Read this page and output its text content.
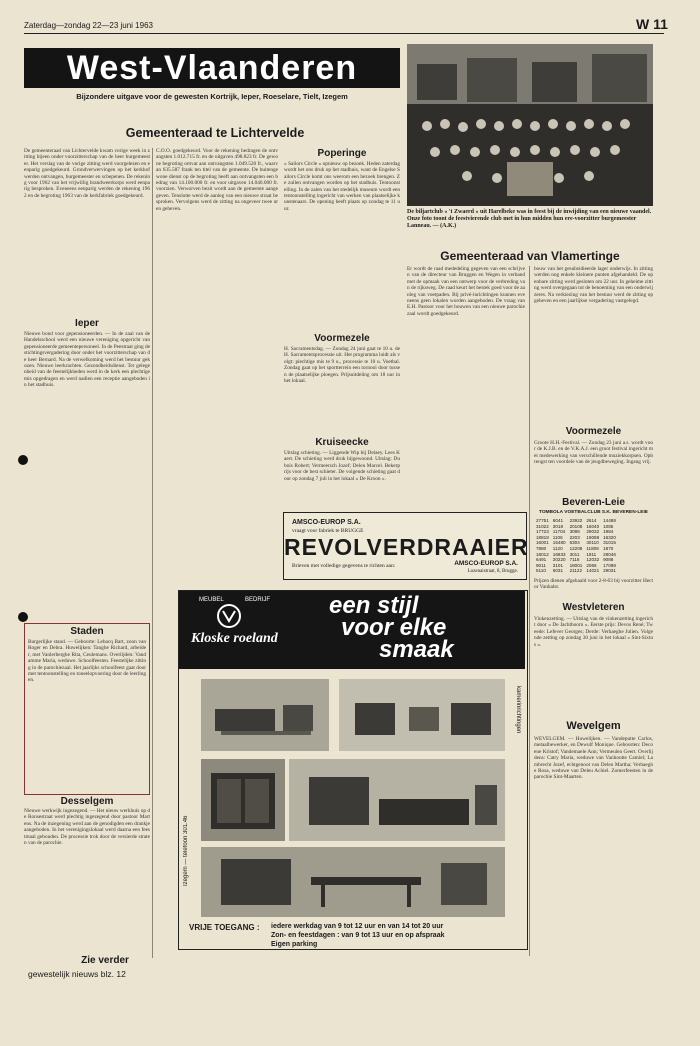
Zaterdag—zondag 22—23 juni 1963	W 11
West-Vlaanderen
Bijzondere uitgave voor de gewesten Kortrijk, Ieper, Roeselare, Tielt, Izegem
Gemeenteraad te Lichtervelde
De gemeenteraad van Lichtervelde kwam vorige week in zitting bijeen onder voorzitterschap van de heer burgemeester. Het verslag van de vorige zitting werd voorgelezen en eenparig goedgekeurd. Grondverwervingen op het kerkhof werden ontvangen, burgemeester en schepenen. De rekening voor 1962 van het vrijwillig brandweerkorps werd eenparig besproken. Eveneens eenparig werden de rekening 1962 en de begroting 1963 van de kerkfabriek goedgekeurd.
C.O.O. goedgekeurd. Voor de rekening bedragen de ontvangsten 1.012.715 fr. en de uitgaven 498.823 fr. De gewone begroting omvat aan ontvangsten 1.049.520 fr., waarvan 635.587 frank ten titel van de gemeente. De buitengewone dienst op de begroting heeft aan ontvangsten een bedrag van 14.100.000 fr. en voor uitgaven 14.040.000 fr. voorzien. Verworven bezit wordt aan de gemeente aangegeven. Tenslotte werd de aanleg van een nieuwe straat besproken. Vervolgens werd de zitting na ongeveer twee uren geheven.
Ieper
Nieuwe bond voor gepensioneerden. — In de zaal van de Handelsschool werd een nieuwe vereniging opgericht van gepensioneerde gemeentepersoneel. In de Peestraat ging de stichtingsvergadering door onder het voorzitterschap van de heer Bernard. Na de verwelkoming werd het bestuur gekozen. Nieuwe leerkrachten. Gezondheidsdienst. Ter gelegenheid van de feestelijkheden werd in de kerk een plechtige mis opgedragen en werd nadien een receptie aangeboden in het stadhuis.
Staden
Burgerlijke stand. — Geboorte: Lebacq Bart, zoon van Roger en Debra. Huwelijken: Tanghe Richard, arbeider, met Vanlerberghe Rita, Ceulemans. Overlijden: Vandamme Maria, weduwe. Schoolfeesten. Feestelijke zitting in de parochiezaal. Het jaarlijks schoolfeest gaat door met tentoonstelling en toneelopvoering door de leerlingen.
Desselgem
Nieuwe werkwijk ingezegend. — Het nieuw werkhuis op de Ronsestraat werd plechtig ingezegend door pastoor Martens. Na de inzegening werd aan de genodigden een drankje aangeboden. In het verenigingslokaal werd daarna een feestmaal gehouden. De processie trok door de versierde straten van de parochie.
Zie verder
gewestelijk nieuws blz. 12
Poperinge
« Sailors Circle » opnieuw op bezoek. Heden zaterdag wordt het ons druk op het stadhuis, want de Engelse Sailors Circle komt ons weerom een bezoek brengen. Ze zullen ontvangen worden op het stadhuis. Tentoonstelling. In de zalen van het stedelijk museum wordt een tentoonstelling ingericht van werken van plaatselijke kunstenaars. De opening heeft plaats op zondag te 11 uur.
Voormezele
H. Sacramentsdag. — Zondag 24 juni gaat te 10 u. de H. Sacramentsprocessie uit. Het programma luidt als volgt: plechtige mis te 9 u., processie te 10 u. Voetbal. Zondag gaat op het sportterrein een tornooi door tussen de plaatselijke ploegen. Prijsuitdeling om 18 uur in het lokaal.
Kruiseecke
Uitslag schieting. — Liggende Wip bij Delaey. Lees Kaert. De schieting werd druk bijgewoond. Uitslag: Dubois Robert; Vermeersch Jozef; Deleu Marcel. Bekerprijs voor de best schieter. De volgende schieting gaat door op zondag 7 juli in het lokaal « De Kroon ».
De biljartclub « 't Zwaerd » uit Harelbeke was in feest bij de inwijding van een nieuwe vaandel. Onze foto toont de feestvierende club met in hun midden hun ere-voorzitter burgemeester Lanneau. — (A.K.)
Gemeenteraad van Vlamertinge
Er wordt de raad mededeling gegeven van een schrijven van de directeur van Bruggen en Wegen in verband met de opmaak van een ontwerp voor de verbreding van de rijksweg. De raad keurt het bestek goed voor de aanleg van voetpaden. Bij privé-inrichtingen kunnen eveneens geen lokalen worden aangeboden. De vraag van E.H. Pastoor voor het bouwen van een nieuwe parochiezaal wordt goedgekeurd.
bouw van het gesubsidieerde lager onderwijs. In zitting werden nog enkele kleinere punten afgehandeld. De openbare zitting werd gesloten om 22 uur. In geheime zitting werd overgegaan tot de benoeming van een onderwijzeres. Na verkiezing van het bestuur werd de zitting opgeheven en een jaarlijkse vergadering vastgelegd.
Voormezele
Groote H.H.-Festival. — Zondag 23 juni a.s. wordt voor de K.J.B. en de V.K.A.J. een groot festival ingericht met medewerking van verschillende muziekkorpsen. Opbrengst ten voordele van de jeugdbeweging. Ingang vrij.
Beveren-Leie
TOMBOLA VOETBALCLUB S.K. BEVEREN-LEIE
27751	6041	23922	2614	14488
31022	3018	20108	16040	1085
17723	11704	3098	29032	1984
18818	1106	2203	19088	16320
16001	15480	6304	30110	31015
7880	1120	12208	11808	1870
18012	16833	3011	1911	28046
6491	20220	7116	12032	9088
9011	3101	18001	2066	17098
5110	6031	21122	14021	29031
Prijzen dienen afgehaald voor 2-8-63 bij voorzitter Hector Vanhalst.
Westvleteren
Vinkenzetting. — Uitslag van de vinkenzetting ingericht door « De Jachthoorn ». Eerste prijs: Devos René; Tweede: Lefever Georges; Derde: Verhaeghe Julien. Volgende zetting op zondag 30 juni in het lokaal « Sint-Sixtus ».
Wevelgem
WEVELGEM. — Huwelijken. — Vandeputte Carlos, metaalbewerker, en Dewulf Monique. Geboorten: Decoene Kristof; Vandemaele Ann; Vermeulen Geert. Overlijdens: Catry Maria, weduwe van Vanhoutte Camiel; Lambrecht Jozef, echtgenoot van Deleu Martha; Verhaeghe Rosa, weduwe van Deleu Achiel. Zomerfeesten in de parochie Sint-Maarten.
AMSCO-EUROP S.A.
vraagt voor fabriek te BRUGGE
REVOLVERDRAAIER
Brieven met volledige gegevens te richten aan:	AMSCO-EUROP S.A.
Lozenaistraat, 8, Brugge.
MEUBEL	BEDRIJF
Kloske roeland
een stijl
voor elke
smaak
Izegem — telefoon 301.46
kamerinrichtingen
VRIJE TOEGANG : iedere werkdag van 9 tot 12 uur en van 14 tot 20 uur
Zon- en feestdagen : van 9 tot 13 uur en op afspraak
Eigen parking
